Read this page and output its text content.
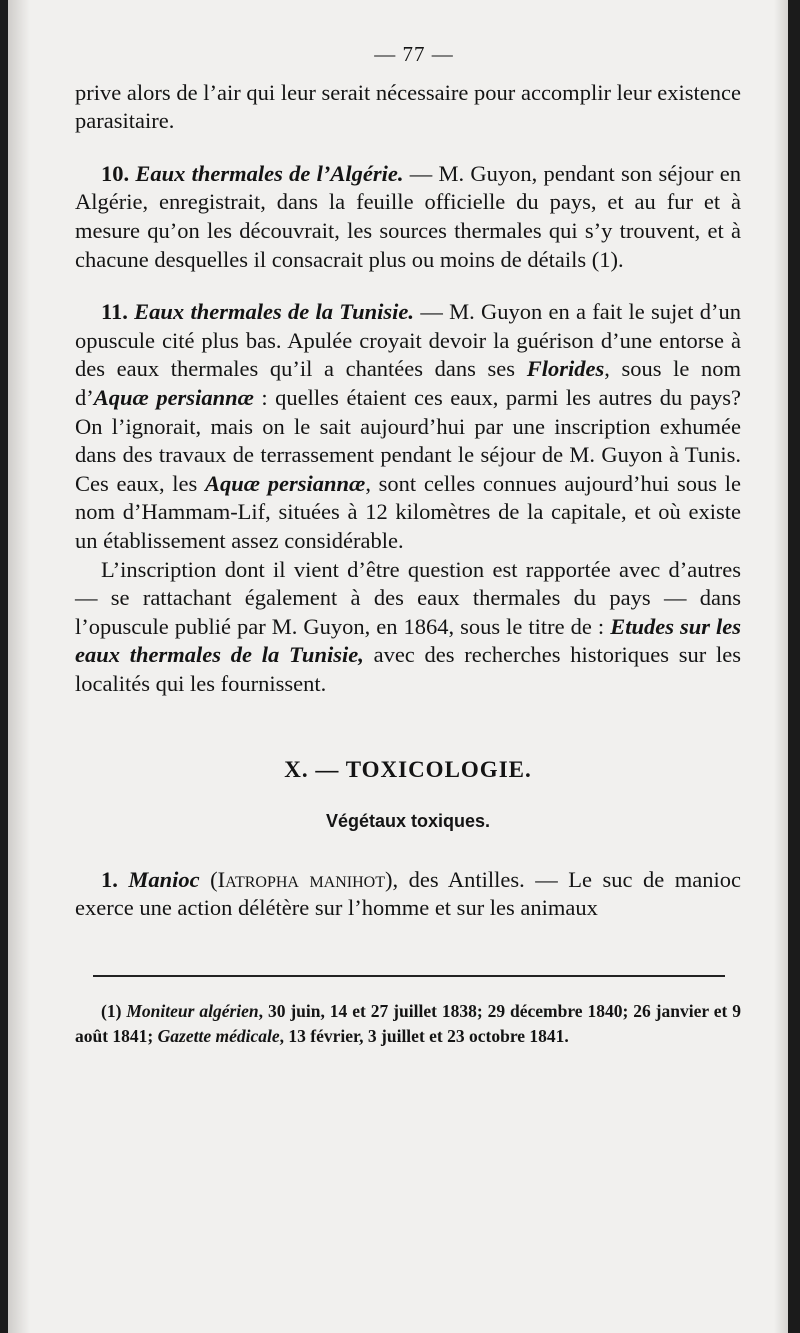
— 77 —

prive alors de l’air qui leur serait nécessaire pour accomplir leur existence parasitaire.

10. Eaux thermales de l’Algérie. — M. Guyon, pendant son séjour en Algérie, enregistrait, dans la feuille officielle du pays, et au fur et à mesure qu’on les découvrait, les sources thermales qui s’y trouvent, et à chacune desquelles il consacrait plus ou moins de détails (1).

11. Eaux thermales de la Tunisie. — M. Guyon en a fait le sujet d’un opuscule cité plus bas. Apulée croyait devoir la guérison d’une entorse à des eaux thermales qu’il a chantées dans ses Florides, sous le nom d’Aquæ persiannæ : quelles étaient ces eaux, parmi les autres du pays? On l’ignorait, mais on le sait aujourd’hui par une inscription exhumée dans des travaux de terrassement pendant le séjour de M. Guyon à Tunis. Ces eaux, les Aquæ persiannæ, sont celles connues aujourd’hui sous le nom d’Hammam-Lif, situées à 12 kilomètres de la capitale, et où existe un établissement assez considérable.

L’inscription dont il vient d’être question est rapportée avec d’autres — se rattachant également à des eaux thermales du pays — dans l’opuscule publié par M. Guyon, en 1864, sous le titre de : Etudes sur les eaux thermales de la Tunisie, avec des recherches historiques sur les localités qui les fournissent.

X. — TOXICOLOGIE.
Végétaux toxiques.

1. Manioc (Iatropha manihot), des Antilles. — Le suc de manioc exerce une action délétère sur l’homme et sur les animaux

(1) Moniteur algérien, 30 juin, 14 et 27 juillet 1838; 29 décembre 1840; 26 janvier et 9 août 1841; Gazette médicale, 13 février, 3 juillet et 23 octobre 1841.
